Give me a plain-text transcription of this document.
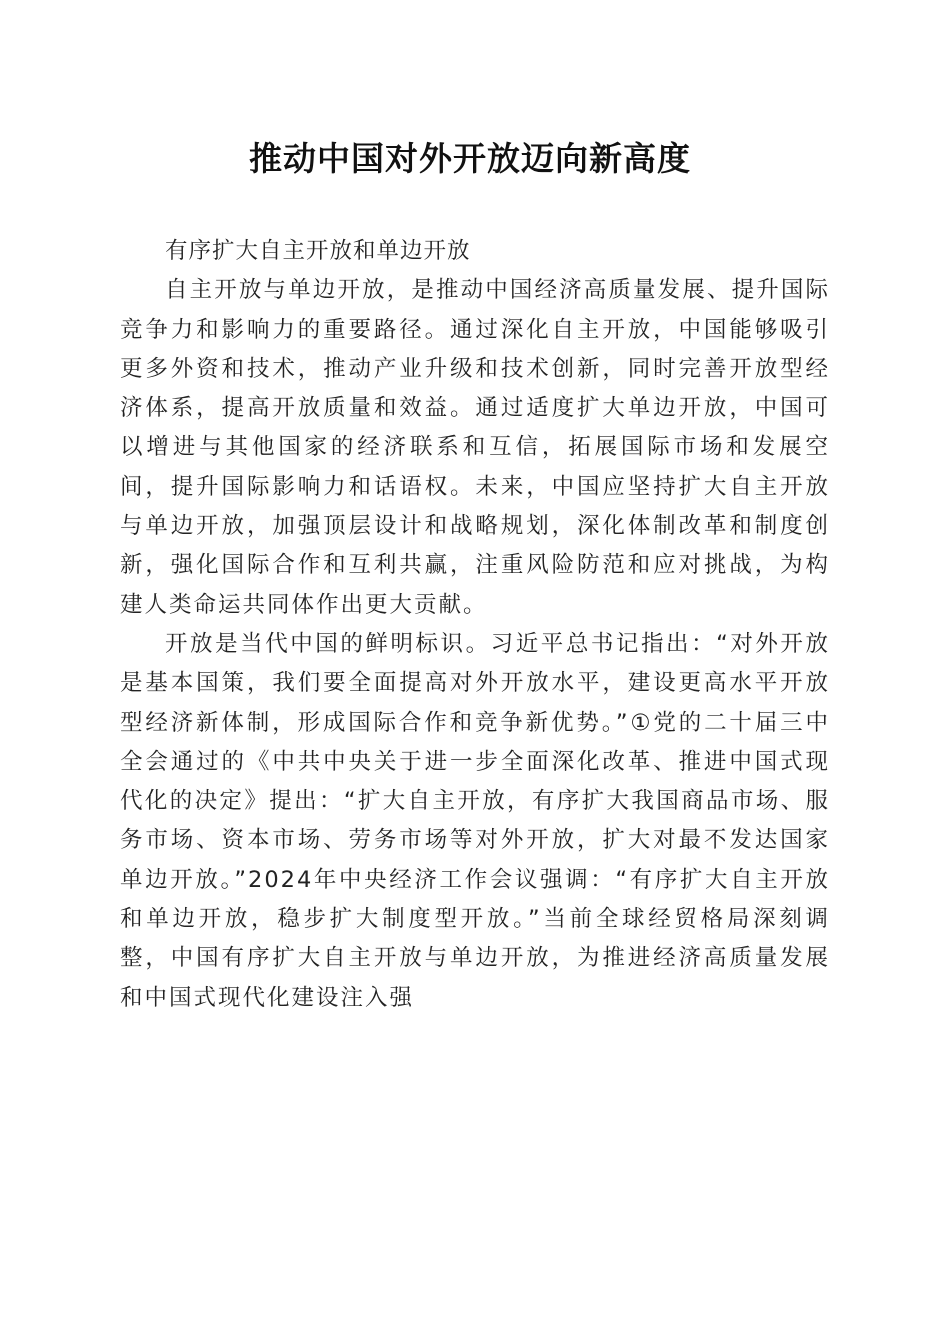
推动中国对外开放迈向新高度

有序扩大自主开放和单边开放

自主开放与单边开放，是推动中国经济高质量发展、提升国际竞争力和影响力的重要路径。通过深化自主开放，中国能够吸引更多外资和技术，推动产业升级和技术创新，同时完善开放型经济体系，提高开放质量和效益。通过适度扩大单边开放，中国可以增进与其他国家的经济联系和互信，拓展国际市场和发展空间，提升国际影响力和话语权。未来，中国应坚持扩大自主开放与单边开放，加强顶层设计和战略规划，深化体制改革和制度创新，强化国际合作和互利共赢，注重风险防范和应对挑战，为构建人类命运共同体作出更大贡献。

开放是当代中国的鲜明标识。习近平总书记指出：“对外开放是基本国策，我们要全面提高对外开放水平，建设更高水平开放型经济新体制，形成国际合作和竞争新优势。”①党的二十届三中全会通过的《中共中央关于进一步全面深化改革、推进中国式现代化的决定》提出：“扩大自主开放，有序扩大我国商品市场、服务市场、资本市场、劳务市场等对外开放，扩大对最不发达国家单边开放。”2024年中央经济工作会议强调：“有序扩大自主开放和单边开放，稳步扩大制度型开放。”当前全球经贸格局深刻调整，中国有序扩大自主开放与单边开放，为推进经济高质量发展和中国式现代化建设注入强
